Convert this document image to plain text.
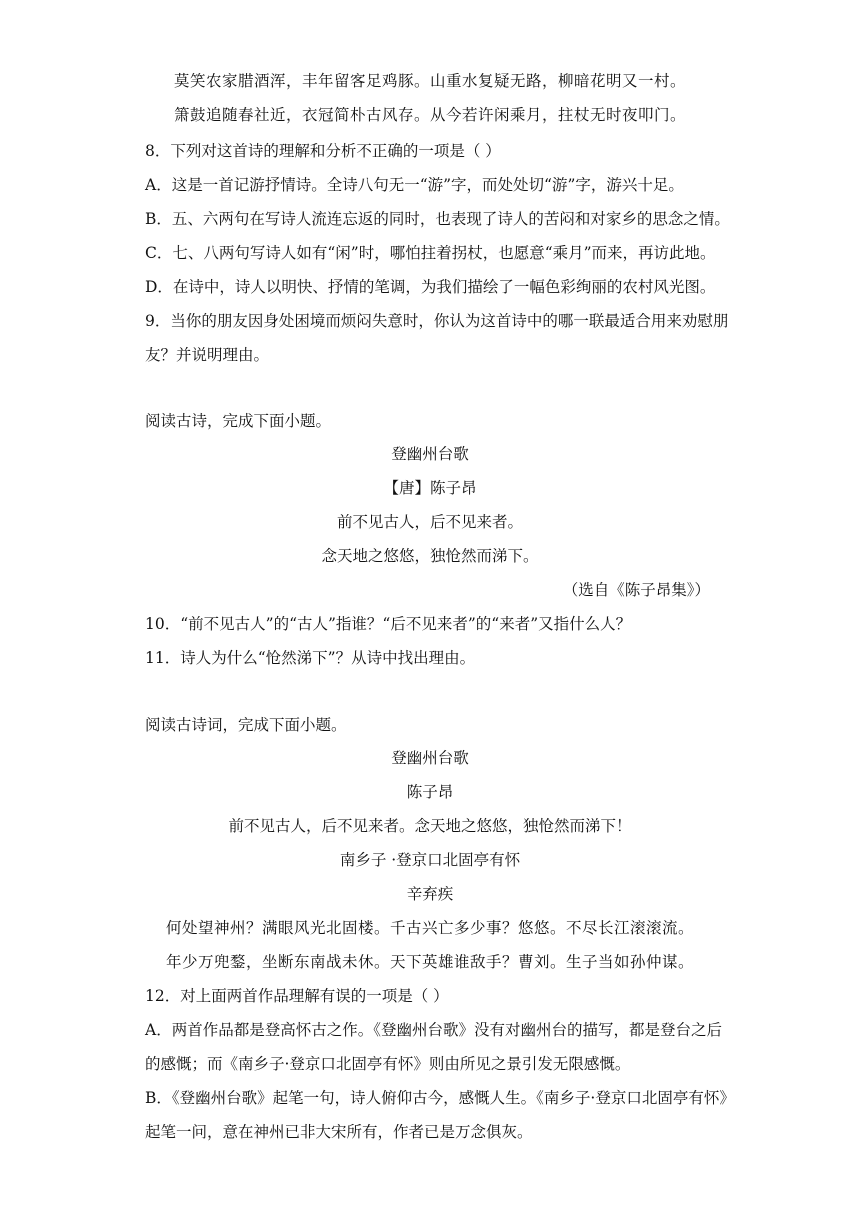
莫笑农家腊酒浑，丰年留客足鸡豚。山重水复疑无路，柳暗花明又一村。
箫鼓追随春社近，衣冠简朴古风存。从今若许闲乘月，拄杖无时夜叩门。
8．下列对这首诗的理解和分析不正确的一项是（ ）
A．这是一首记游抒情诗。全诗八句无一“游”字，而处处切“游”字，游兴十足。
B．五、六两句在写诗人流连忘返的同时，也表现了诗人的苦闷和对家乡的思念之情。
C．七、八两句写诗人如有“闲”时，哪怕拄着拐杖，也愿意“乘月”而来，再访此地。
D．在诗中，诗人以明快、抒情的笔调，为我们描绘了一幅色彩绚丽的农村风光图。
9．当你的朋友因身处困境而烦闷失意时，你认为这首诗中的哪一联最适合用来劝慰朋
友？并说明理由。
阅读古诗，完成下面小题。
登幽州台歌
【唐】陈子昂
前不见古人，后不见来者。
念天地之悠悠，独怆然而涕下。
（选自《陈子昂集》）
10．“前不见古人”的“古人”指谁？“后不见来者”的“来者”又指什么人？
11．诗人为什么“怆然涕下”？从诗中找出理由。
阅读古诗词，完成下面小题。
登幽州台歌
陈子昂
前不见古人，后不见来者。念天地之悠悠，独怆然而涕下！
南乡子 ·登京口北固亭有怀
辛弃疾
何处望神州？满眼风光北固楼。千古兴亡多少事？悠悠。不尽长江滚滚流。
年少万兜鍪，坐断东南战未休。天下英雄谁敌手？曹刘。生子当如孙仲谋。
12．对上面两首作品理解有误的一项是（ ）
A．两首作品都是登高怀古之作。《登幽州台歌》没有对幽州台的描写，都是登台之后
的感慨；而《南乡子·登京口北固亭有怀》则由所见之景引发无限感慨。
B．《登幽州台歌》起笔一句，诗人俯仰古今，感慨人生。《南乡子·登京口北固亭有怀》
起笔一问，意在神州已非大宋所有，作者已是万念俱灰。
